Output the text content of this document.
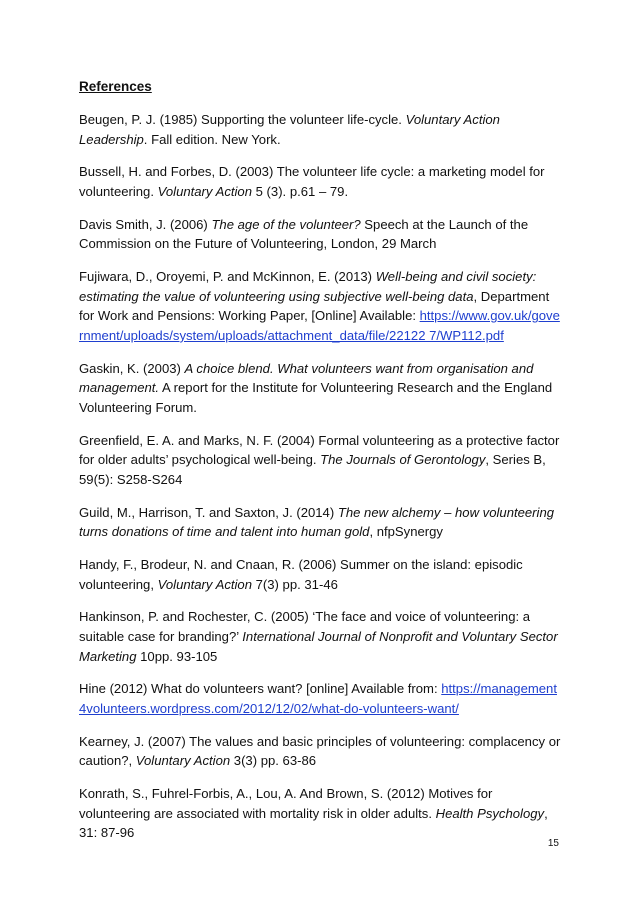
References
Beugen, P. J. (1985) Supporting the volunteer life-cycle. Voluntary Action Leadership. Fall edition. New York.
Bussell, H. and Forbes, D. (2003) The volunteer life cycle: a marketing model for volunteering. Voluntary Action 5 (3). p.61 – 79.
Davis Smith, J. (2006) The age of the volunteer? Speech at the Launch of the Commission on the Future of Volunteering, London, 29 March
Fujiwara, D., Oroyemi, P. and McKinnon, E. (2013) Well-being and civil society: estimating the value of volunteering using subjective well-being data, Department for Work and Pensions: Working Paper, [Online] Available: https://www.gov.uk/government/uploads/system/uploads/attachment_data/file/22122 7/WP112.pdf
Gaskin, K. (2003) A choice blend. What volunteers want from organisation and management. A report for the Institute for Volunteering Research and the England Volunteering Forum.
Greenfield, E. A. and Marks, N. F. (2004) Formal volunteering as a protective factor for older adults’ psychological well-being. The Journals of Gerontology, Series B, 59(5): S258-S264
Guild, M., Harrison, T. and Saxton, J. (2014) The new alchemy – how volunteering turns donations of time and talent into human gold, nfpSynergy
Handy, F., Brodeur, N. and Cnaan, R. (2006) Summer on the island: episodic volunteering, Voluntary Action 7(3) pp. 31-46
Hankinson, P. and Rochester, C. (2005) ‘The face and voice of volunteering: a suitable case for branding?’ International Journal of Nonprofit and Voluntary Sector Marketing 10pp. 93-105
Hine (2012) What do volunteers want? [online] Available from: https://management4volunteers.wordpress.com/2012/12/02/what-do-volunteers-want/
Kearney, J. (2007) The values and basic principles of volunteering: complacency or caution?, Voluntary Action 3(3) pp. 63-86
Konrath, S., Fuhrel-Forbis, A., Lou, A. And Brown, S. (2012) Motives for volunteering are associated with mortality risk in older adults. Health Psychology, 31: 87-96
15
